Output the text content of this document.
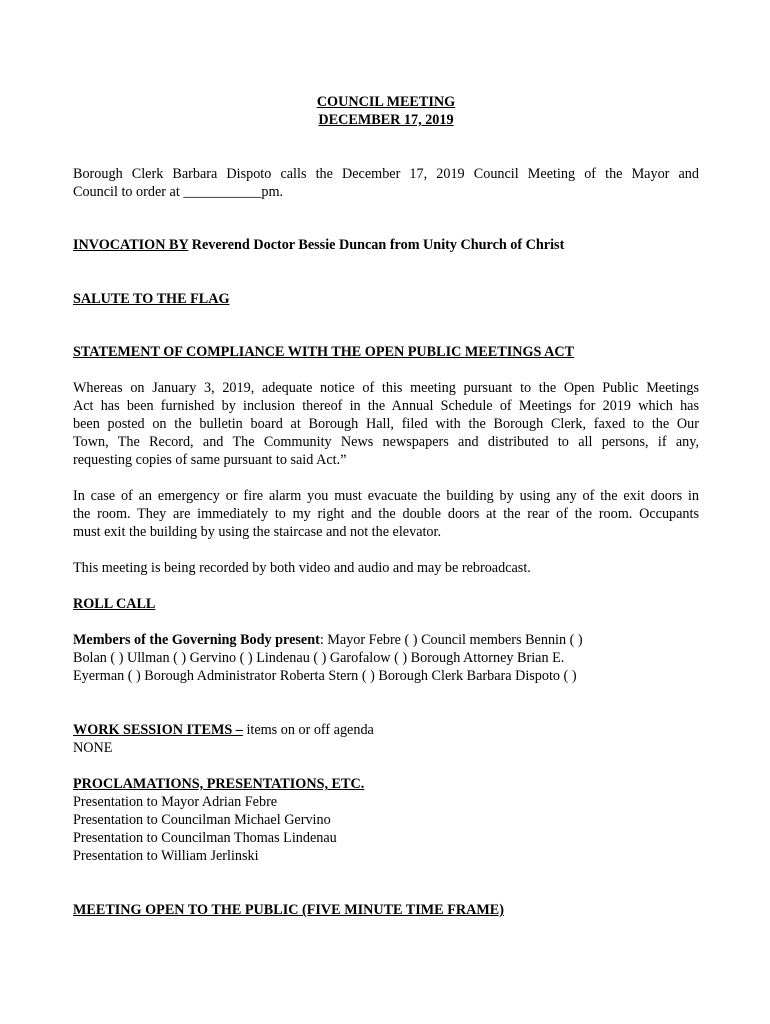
COUNCIL MEETING
DECEMBER 17, 2019

Borough Clerk Barbara Dispoto calls the December 17, 2019 Council Meeting of the Mayor and
Council to order at ___________pm.

INVOCATION BY Reverend Doctor Bessie Duncan from Unity Church of Christ

SALUTE TO THE FLAG

STATEMENT OF COMPLIANCE WITH THE OPEN PUBLIC MEETINGS ACT

Whereas on January 3, 2019, adequate notice of this meeting pursuant to the Open Public Meetings
Act has been furnished by inclusion thereof in the Annual Schedule of Meetings for 2019 which has
been posted on the bulletin board at Borough Hall, filed with the Borough Clerk, faxed to the Our
Town, The Record, and The Community News newspapers and distributed to all persons, if any,
requesting copies of same pursuant to said Act.”

In case of an emergency or fire alarm you must evacuate the building by using any of the exit doors in
the room. They are immediately to my right and the double doors at the rear of the room. Occupants
must exit the building by using the staircase and not the elevator.

This meeting is being recorded by both video and audio and may be rebroadcast.

ROLL CALL

Members of the Governing Body present: Mayor Febre ( ) Council members Bennin ( )
Bolan ( ) Ullman ( ) Gervino ( ) Lindenau ( ) Garofalow ( ) Borough Attorney Brian E.
Eyerman ( ) Borough Administrator Roberta Stern ( ) Borough Clerk Barbara Dispoto ( )

WORK SESSION ITEMS – items on or off agenda
NONE

PROCLAMATIONS, PRESENTATIONS, ETC.
Presentation to Mayor Adrian Febre
Presentation to Councilman Michael Gervino
Presentation to Councilman Thomas Lindenau
Presentation to William Jerlinski

MEETING OPEN TO THE PUBLIC (FIVE MINUTE TIME FRAME)
